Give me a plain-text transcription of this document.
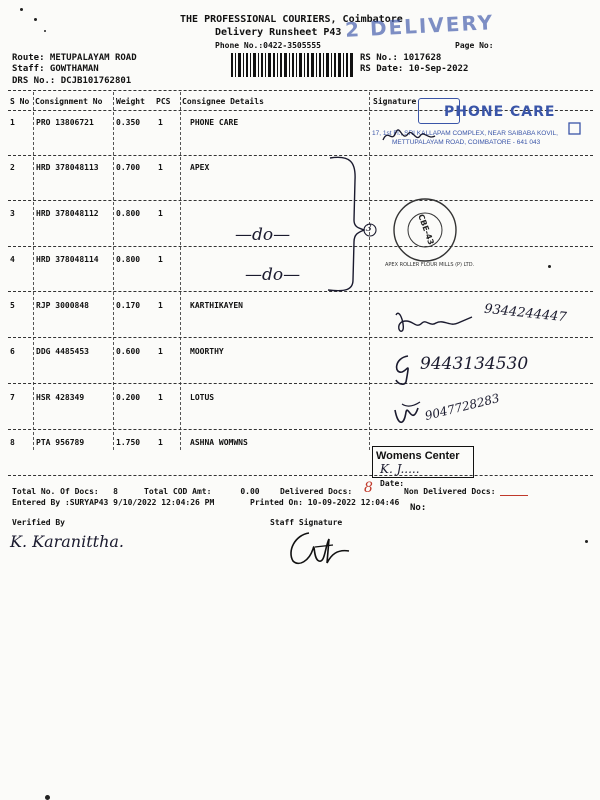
THE PROFESSIONAL COURIERS, Coimbatore
Delivery Runsheet P43
Phone No.:0422-3505555	Page No:
2 DELIVERY
Route: METUPALAYAM ROAD
Staff: GOWTHAMAN
DRS No.: DCJB101762801
RS No.: 1017628
RS Date: 10-Sep-2022
S No Consignment No Weight PCS Consignee Details	Signature
1	PRO 13806721	0.350 1	PHONE CARE
2	HRD 378048113 0.700 1	APEX
3	HRD 378048112 0.800 1
4	HRD 378048114 0.800 1
5	RJP 3000848	0.170 1	KARTHIKAYEN
6	DDG 4485453	0.600 1	MOORTHY
7	HSR 428349	0.200 1	LOTUS
8	PTA 956789	1.750 1	ASHNA WOMWNS
3
—do—
—do—
PHONE CARE
17, 1st Fl., SRI KALLAPAM COMPLEX, NEAR SAIBABA KOVIL,
METTUPALAYAM ROAD, COIMBATORE - 641 043
CBE-43
APEX ROLLER FLOUR MILLS (P) LTD.
9344244447
9443134530
9047728283
Womens Center
K. J.....
Date:
Total No. Of Docs:   8	Total COD Amt:      0.00	Delivered Docs: 8	Non Delivered Docs:
Entered By :SURYAP43 9/10/2022 12:04:26 PM	Printed On: 10-09-2022 12:04:46
No:
Verified By	Staff Signature
K. Karanittha.
